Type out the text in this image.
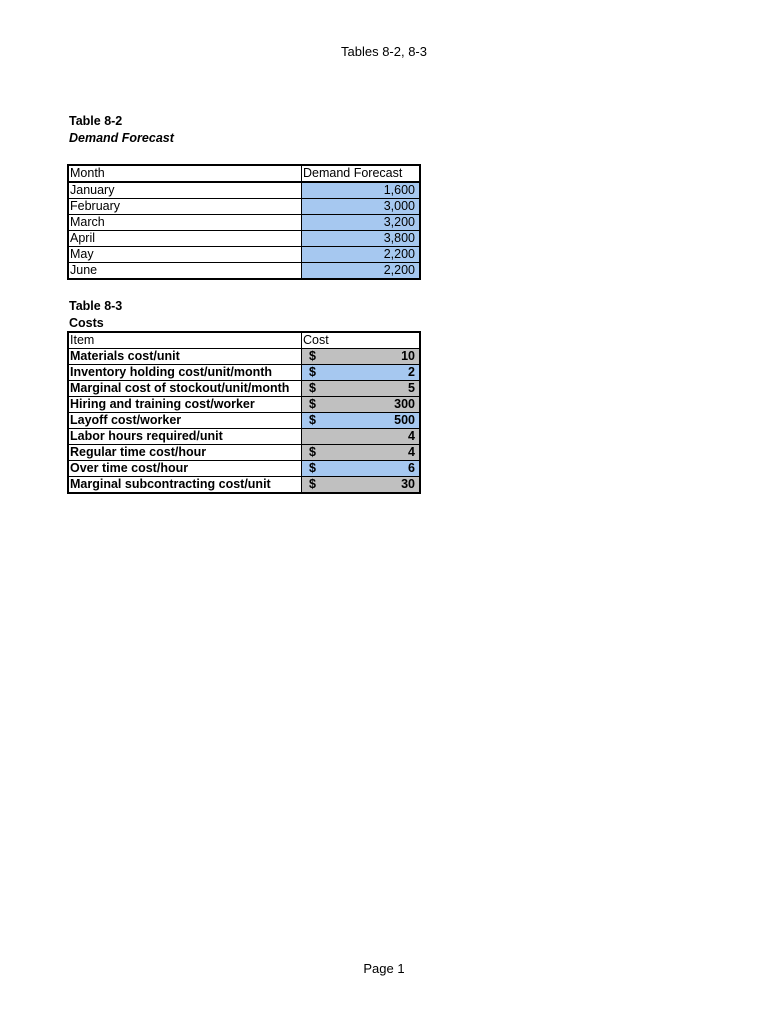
Tables 8-2, 8-3
Table 8-2
Demand Forecast
Month	Demand Forecast
January	1,600
February	3,000
March	3,200
April	3,800
May	2,200
June	2,200
Table 8-3
Costs
Item	Cost
Materials cost/unit	$ 10

Inventory holding cost/unit/month	$ 2

Marginal cost of stockout/unit/month	$ 5

Hiring and training cost/worker	$ 300

Layoff cost/worker	$ 500

Labor hours required/unit	4

Regular time cost/hour	$ 4

Over time cost/hour	$ 6

Marginal subcontracting cost/unit	$ 30
Page 1
